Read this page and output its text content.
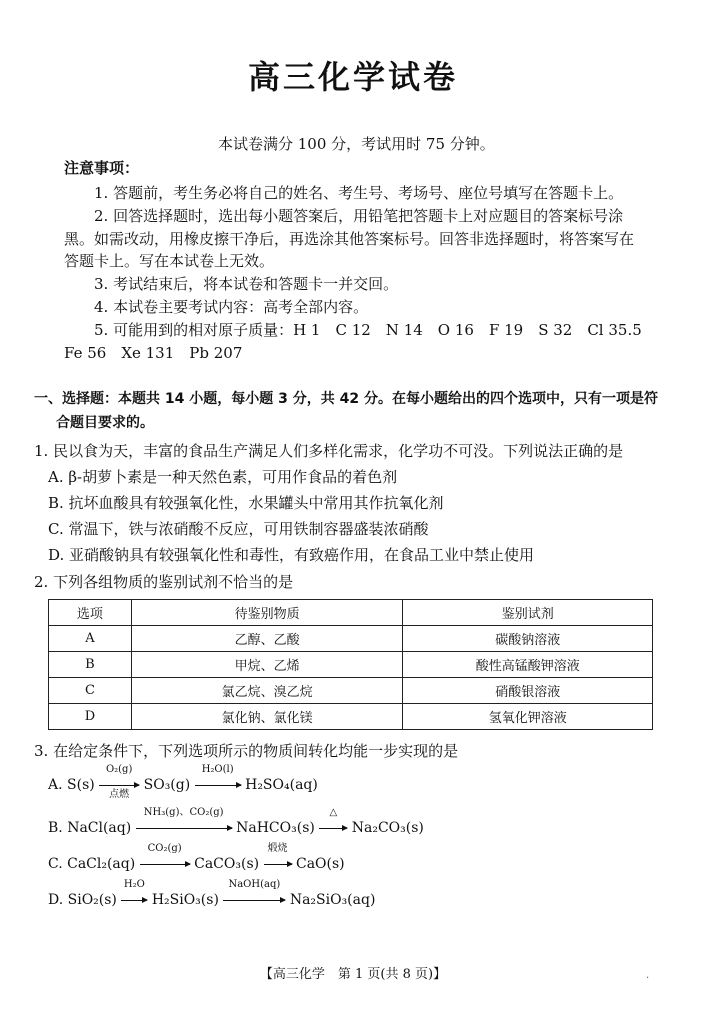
高三化学试卷
本试卷满分 100 分，考试用时 75 分钟。
注意事项：
1. 答题前，考生务必将自己的姓名、考生号、考场号、座位号填写在答题卡上。
2. 回答选择题时，选出每小题答案后，用铅笔把答题卡上对应题目的答案标号涂
黑。如需改动，用橡皮擦干净后，再选涂其他答案标号。回答非选择题时，将答案写在
答题卡上。写在本试卷上无效。
3. 考试结束后，将本试卷和答题卡一并交回。
4. 本试卷主要考试内容：高考全部内容。
5. 可能用到的相对原子质量：H 1　C 12　N 14　O 16　F 19　S 32　Cl 35.5
Fe 56　Xe 131　Pb 207
一、选择题：本题共 14 小题，每小题 3 分，共 42 分。在每小题给出的四个选项中，只有一项是符
合题目要求的。
1. 民以食为天，丰富的食品生产满足人们多样化需求，化学功不可没。下列说法正确的是
A. β-胡萝卜素是一种天然色素，可用作食品的着色剂
B. 抗坏血酸具有较强氧化性，水果罐头中常用其作抗氧化剂
C. 常温下，铁与浓硝酸不反应，可用铁制容器盛装浓硝酸
D. 亚硝酸钠具有较强氧化性和毒性，有致癌作用，在食品工业中禁止使用
2. 下列各组物质的鉴别试剂不恰当的是
选项	待鉴别物质	鉴别试剂
A	乙醇、乙酸	碳酸钠溶液
B	甲烷、乙烯	酸性高锰酸钾溶液
C	氯乙烷、溴乙烷	硝酸银溶液
D	氯化钠、氯化镁	氢氧化钾溶液
3. 在给定条件下，下列选项所示的物质间转化均能一步实现的是
A. S(s)
O₂(g)
点燃
SO₃(g)
H₂O(l)
H₂SO₄(aq)
B. NaCl(aq)
NH₃(g)、CO₂(g)
NaHCO₃(s)
△
Na₂CO₃(s)
C. CaCl₂(aq)
CO₂(g)
CaCO₃(s)
煅烧
CaO(s)
D. SiO₂(s)
H₂O
H₂SiO₃(s)
NaOH(aq)
Na₂SiO₃(aq)
【高三化学　第 1 页(共 8 页)】	.
